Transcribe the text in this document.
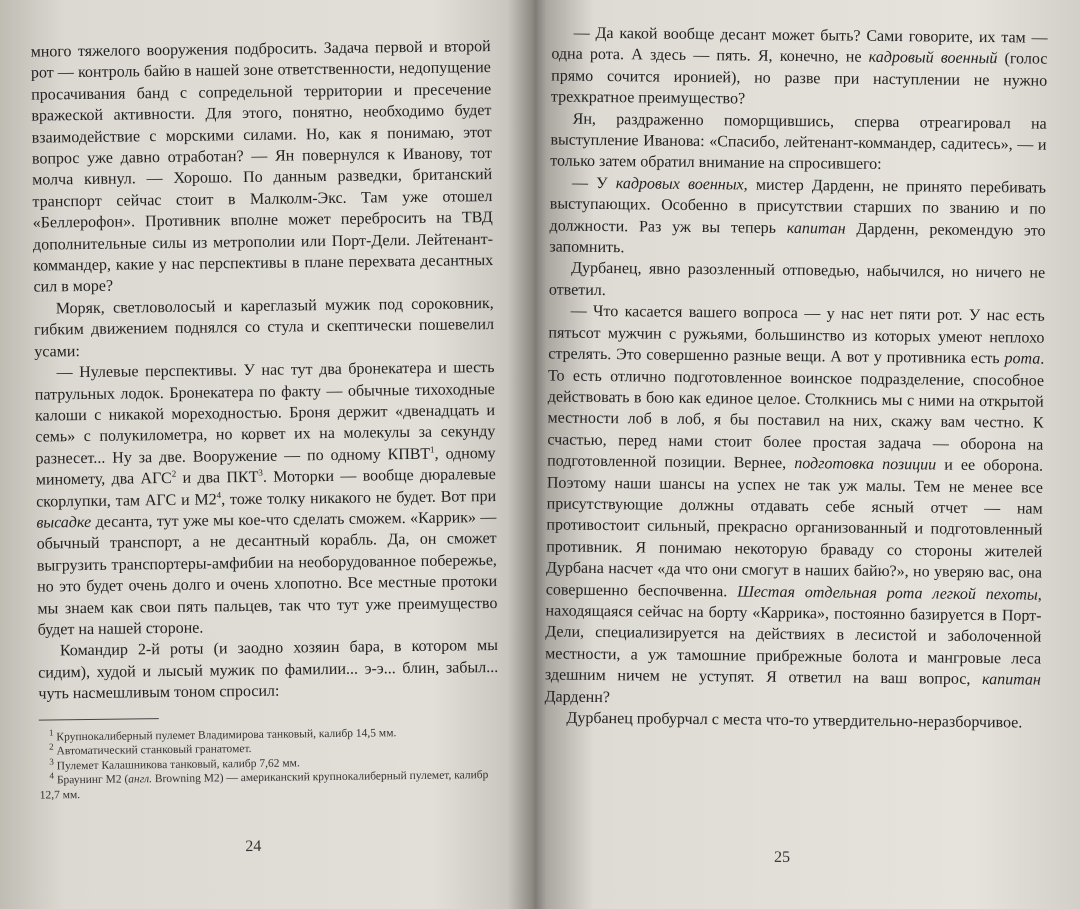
много тяжелого вооружения подбросить. Задача первой и второй рот — контроль байю в нашей зоне ответственности, недопущение просачивания банд с сопредельной территории и пресечение вражеской активности. Для этого, понятно, необходимо будет взаимодействие с морскими силами. Но, как я понимаю, этот вопрос уже давно отработан? — Ян повернулся к Иванову, тот молча кивнул. — Хорошо. По данным разведки, британский транспорт сейчас стоит в Малколм-Экс. Там уже отошел «Беллерофон». Противник вполне может перебросить на ТВД дополнительные силы из метрополии или Порт-Дели. Лейтенант-коммандер, какие у нас перспективы в плане перехвата десантных сил в море?

Моряк, светловолосый и кареглазый мужик под сороковник, гибким движением поднялся со стула и скептически пошевелил усами:

— Нулевые перспективы. У нас тут два бронекатера и шесть патрульных лодок. Бронекатера по факту — обычные тихоходные калоши с никакой мореходностью. Броня держит «двенадцать и семь» с полукилометра, но корвет их на молекулы за секунду разнесет... Ну за две. Вооружение — по одному КПВТ$^1$, одному миномету, два АГС$^2$ и два ПКТ$^3$. Моторки — вообще дюралевые скорлупки, там АГС и $М2^4$, тоже толку никакого не будет. Вот при высадке десанта, тут уже мы кое-что сделать сможем. «Каррик» — обычный транспорт, а не десантный корабль. Да, он сможет выгрузить транспортеры-амфибии на необорудованное побережье, но это будет очень долго и очень хлопотно. Все местные протоки мы знаем как свои пять пальцев, так что тут уже преимущество будет на нашей стороне.

Командир 2-й роты (и заодно хозяин бара, в котором мы сидим), худой и лысый мужик по фамилии... э-э... блин, забыл... чуть насмешливым тоном спросил:

$^1$ Крупнокалиберный пулемет Владимирова танковый, калибр 14,5 мм.
$^2$ Автоматический станковый гранатомет.
$^3$ Пулемет Калашникова танковый, калибр 7,62 мм.
$^4$ Браунинг М2 (англ. Browning M2) — американский крупнокалиберный пулемет, калибр 12,7 мм.
24

— Да какой вообще десант может быть? Сами говорите, их там — одна рота. А здесь — пять. Я, конечно, не кадровый военный (голос прямо сочится иронией), но разве при наступлении не нужно трехкратное преимущество?

Ян, раздраженно поморщившись, сперва отреагировал на выступление Иванова: «Спасибо, лейтенант-коммандер, садитесь», — и только затем обратил внимание на спросившего:

— У кадровых военных, мистер Дарденн, не принято перебивать выступающих. Особенно в присутствии старших по званию и по должности. Раз уж вы теперь капитан Дарденн, рекомендую это запомнить.

Дурбанец, явно разозленный отповедью, набычился, но ничего не ответил.

— Что касается вашего вопроса — у нас нет пяти рот. У нас есть пятьсот мужчин с ружьями, большинство из которых умеют неплохо стрелять. Это совершенно разные вещи. А вот у противника есть рота. То есть отлично подготовленное воинское подразделение, способное действовать в бою как единое целое. Столкнись мы с ними на открытой местности лоб в лоб, я бы поставил на них, скажу вам честно. К счастью, перед нами стоит более простая задача — оборона на подготовленной позиции. Вернее, подготовка позиции и ее оборона. Поэтому наши шансы на успех не так уж малы. Тем не менее все присутствующие должны отдавать себе ясный отчет — нам противостоит сильный, прекрасно организованный и подготовленный противник. Я понимаю некоторую браваду со стороны жителей Дурбана насчет «да что они смогут в наших байю?», но уверяю вас, она совершенно беспочвенна. Шестая отдельная рота легкой пехоты, находящаяся сейчас на борту «Каррика», постоянно базируется в Порт-Дели, специализируется на действиях в лесистой и заболоченной местности, а уж тамошние прибрежные болота и мангровые леса здешним ничем не уступят. Я ответил на ваш вопрос, капитан Дарденн?

Дурбанец пробурчал с места что-то утвердительно-неразборчивое.

25
